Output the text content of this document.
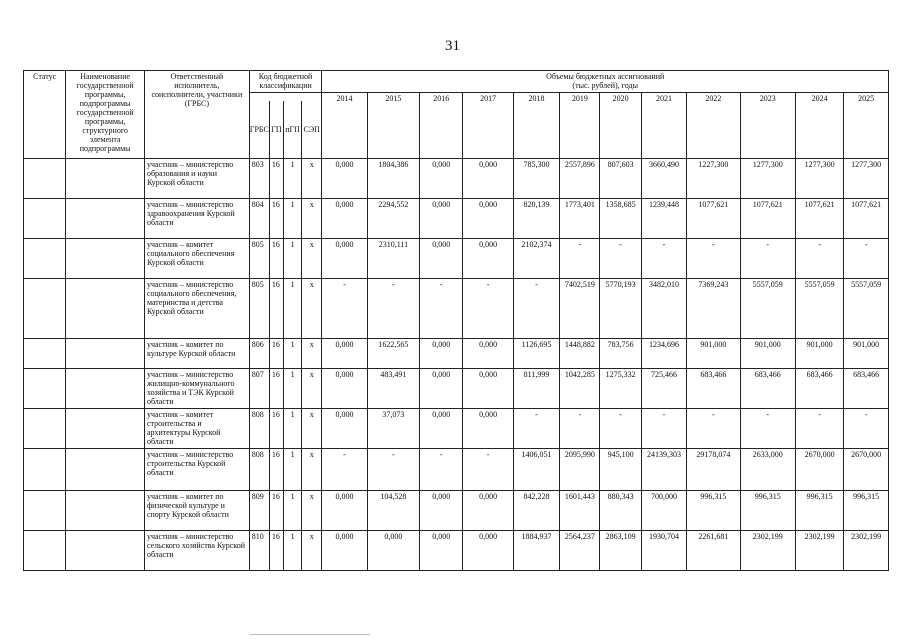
31
Статус	Наименование государственной программы, подпрограммы государственной программы, структурного элемента подпрограммы	Ответственный исполнитель, соисполнители, участники (ГРБС)	Код бюджетной классификации				Объемы бюджетных ассигнований
(тыс. рублей), годы											

							2014	2015	2016	2017	2018	2019	2020	2021	2022	2023	2024	2025
			ГРБС	ГП	пГП	СЭП												
		участник – министерство образования и науки Курской области	803	16	1	х	0,000	1804,386	0,000	0,000	785,300	2557,896	807,603	3660,490	1227,300	1277,300	1277,300	1277,300
		участник – министерство здравоохранения Курской области	804	16	1	х	0,000	2294,552	0,000	0,000	820,139	1773,401	1358,685	1239,448	1077,621	1077,621	1077,621	1077,621
		участник – комитет социального обеспечения Курской области	805	16	1	х	0,000	2310,111	0,000	0,000	2102,374	-	-	-	-	-	-	-
		участник – министерство социального обеспечения, материнства и детства Курской области	805	16	1	х	-	-	-	-	-	7402,519	5770,193	3482,010	7369,243	5557,059	5557,059	5557,059
		участник – комитет по культуре Курской области	806	16	1	х	0,000	1622,565	0,000	0,000	1126,695	1448,882	783,756	1234,696	901,000	901,000	901,000	901,000
		участник – министерство жилищно-коммунального хозяйства и ТЭК Курской области	807	16	1	х	0,000	483,491	0,000	0,000	811,999	1042,285	1275,332	725,466	683,466	683,466	683,466	683,466
		участник – комитет строительства и архитектуры Курской области	808	16	1	х	0,000	37,073	0,000	0,000	-	-	-	-	-	-	-	-
		участник – министерство строительства Курской области	808	16	1	х	-	-	-	-	1406,051	2095,990	945,100	24139,303	29178,074	2633,000	2670,000	2670,000
		участник – комитет по физической культуре и спорту Курской области	809	16	1	х	0,000	104,528	0,000	0,000	842,228	1601,443	880,343	700,000	996,315	996,315	996,315	996,315
		участник – министерство сельского хозяйства Курской области	810	16	1	х	0,000	0,000	0,000	0,000	1884,937	2564,237	2863,109	1930,704	2261,681	2302,199	2302,199	2302,199
